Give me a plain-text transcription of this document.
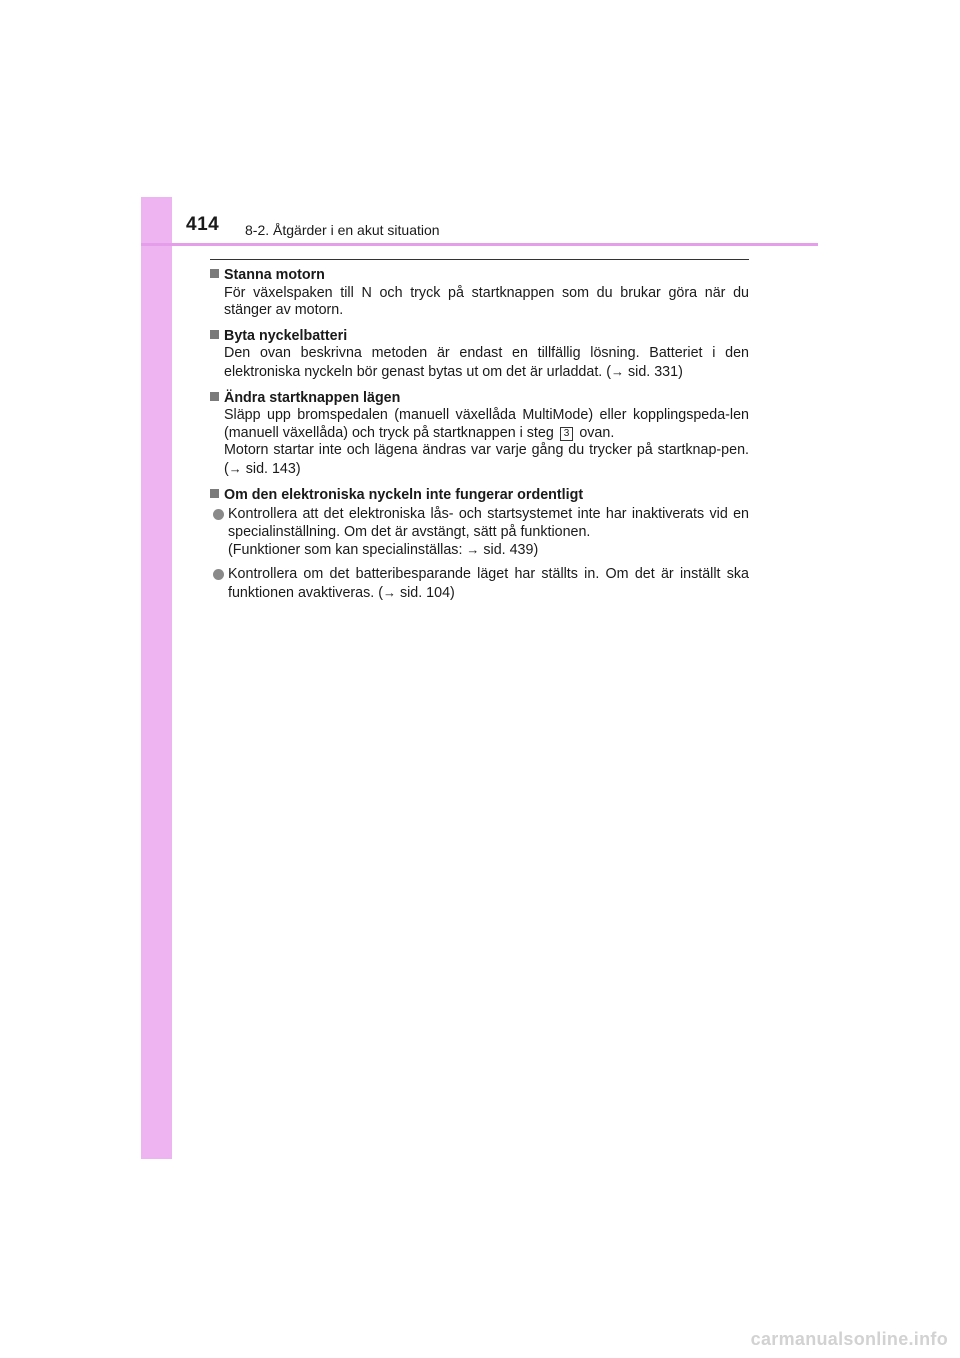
414 8-2. Åtgärder i en akut situation
Stanna motorn
För växelspaken till N och tryck på startknappen som du brukar göra när du stänger av motorn.
Byta nyckelbatteri
Den ovan beskrivna metoden är endast en tillfällig lösning. Batteriet i den elektroniska nyckeln bör genast bytas ut om det är urladdat. (→ sid. 331)
Ändra startknappen lägen
Släpp upp bromspedalen (manuell växellåda MultiMode) eller kopplingspeda-len (manuell växellåda) och tryck på startknappen i steg 3 ovan.
Motorn startar inte och lägena ändras var varje gång du trycker på startknap-pen. (→ sid. 143)
Om den elektroniska nyckeln inte fungerar ordentligt
Kontrollera att det elektroniska lås- och startsystemet inte har inaktiverats vid en specialinställning. Om det är avstängt, sätt på funktionen.
(Funktioner som kan specialinställas: → sid. 439)
Kontrollera om det batteribesparande läget har ställts in. Om det är inställt ska funktionen avaktiveras. (→ sid. 104)
carmanualsonline.info
